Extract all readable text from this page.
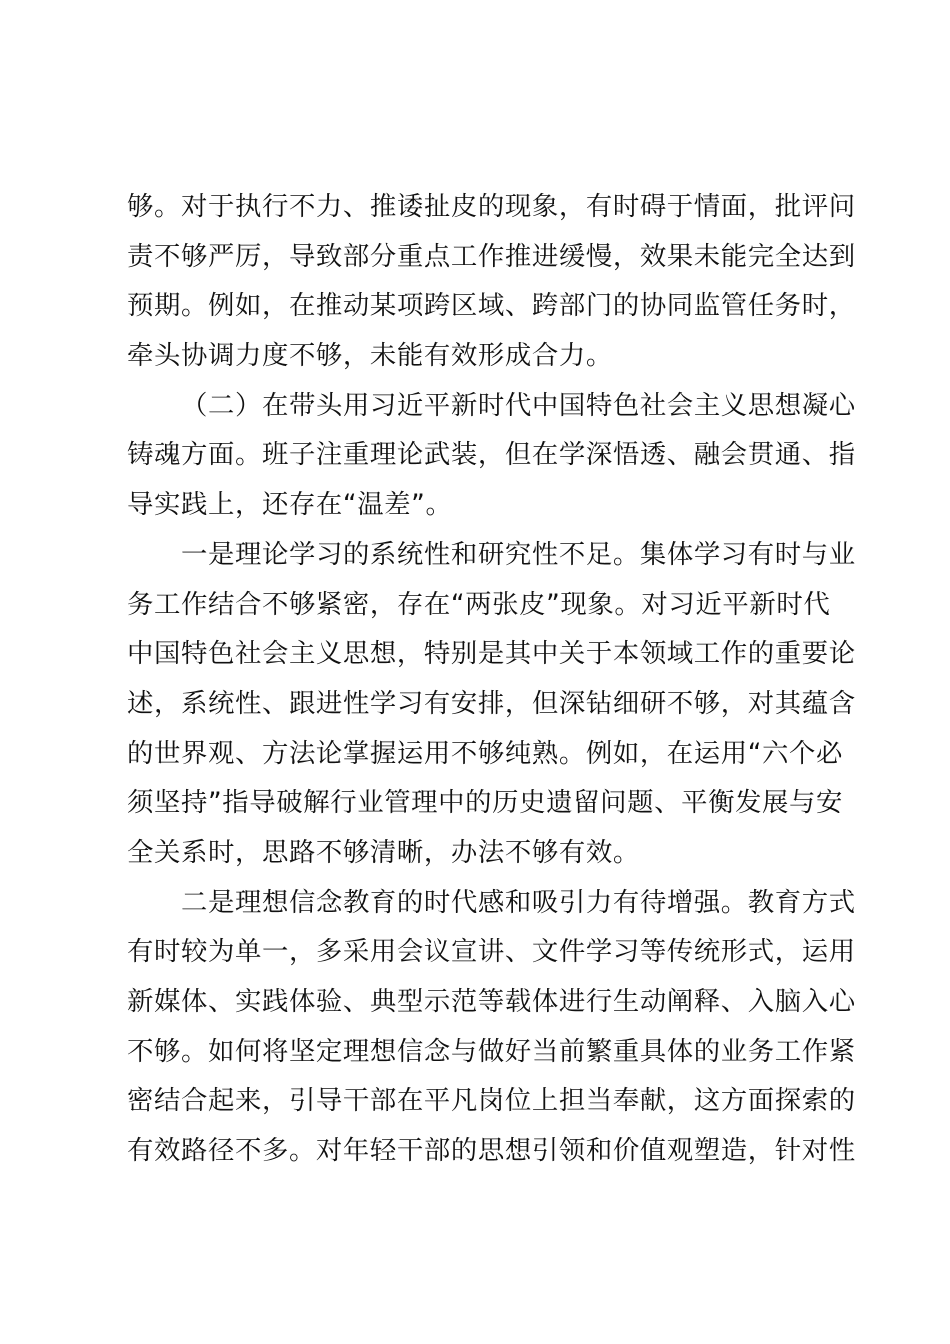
够。对于执行不力、推诿扯皮的现象，有时碍于情面，批评问
责不够严厉，导致部分重点工作推进缓慢，效果未能完全达到
预期。例如，在推动某项跨区域、跨部门的协同监管任务时，
牵头协调力度不够，未能有效形成合力。
（二）在带头用习近平新时代中国特色社会主义思想凝心
铸魂方面。班子注重理论武装，但在学深悟透、融会贯通、指
导实践上，还存在“温差”。
一是理论学习的系统性和研究性不足。集体学习有时与业
务工作结合不够紧密，存在“两张皮”现象。对习近平新时代
中国特色社会主义思想，特别是其中关于本领域工作的重要论
述，系统性、跟进性学习有安排，但深钻细研不够，对其蕴含
的世界观、方法论掌握运用不够纯熟。例如，在运用“六个必
须坚持”指导破解行业管理中的历史遗留问题、平衡发展与安
全关系时，思路不够清晰，办法不够有效。
二是理想信念教育的时代感和吸引力有待增强。教育方式
有时较为单一，多采用会议宣讲、文件学习等传统形式，运用
新媒体、实践体验、典型示范等载体进行生动阐释、入脑入心
不够。如何将坚定理想信念与做好当前繁重具体的业务工作紧
密结合起来，引导干部在平凡岗位上担当奉献，这方面探索的
有效路径不多。对年轻干部的思想引领和价值观塑造，针对性
